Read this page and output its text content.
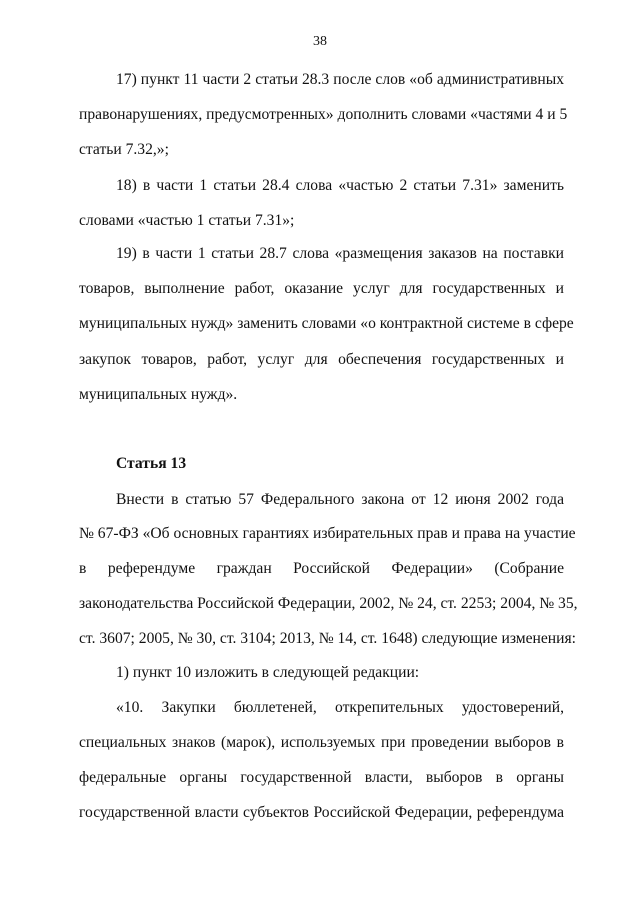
38
17) пункт 11 части 2 статьи 28.3 после слов «об административных
правонарушениях, предусмотренных» дополнить словами «частями 4 и 5
статьи 7.32,»;
18) в части 1 статьи 28.4 слова «частью 2 статьи 7.31» заменить
словами «частью 1 статьи 7.31»;
19) в части 1 статьи 28.7 слова «размещения заказов на поставки
товаров, выполнение работ, оказание услуг для государственных и
муниципальных нужд» заменить словами «о контрактной системе в сфере
закупок товаров, работ, услуг для обеспечения государственных и
муниципальных нужд».
Статья 13
Внести в статью 57 Федерального закона от 12 июня 2002 года
№ 67-ФЗ «Об основных гарантиях избирательных прав и права на участие
в референдуме граждан Российской Федерации» (Собрание
законодательства Российской Федерации, 2002, № 24, ст. 2253; 2004, № 35,
ст. 3607; 2005, № 30, ст. 3104; 2013, № 14, ст. 1648) следующие изменения:
1) пункт 10 изложить в следующей редакции:
«10. Закупки бюллетеней, открепительных удостоверений,
специальных знаков (марок), используемых при проведении выборов в
федеральные органы государственной власти, выборов в органы
государственной власти субъектов Российской Федерации, референдума
